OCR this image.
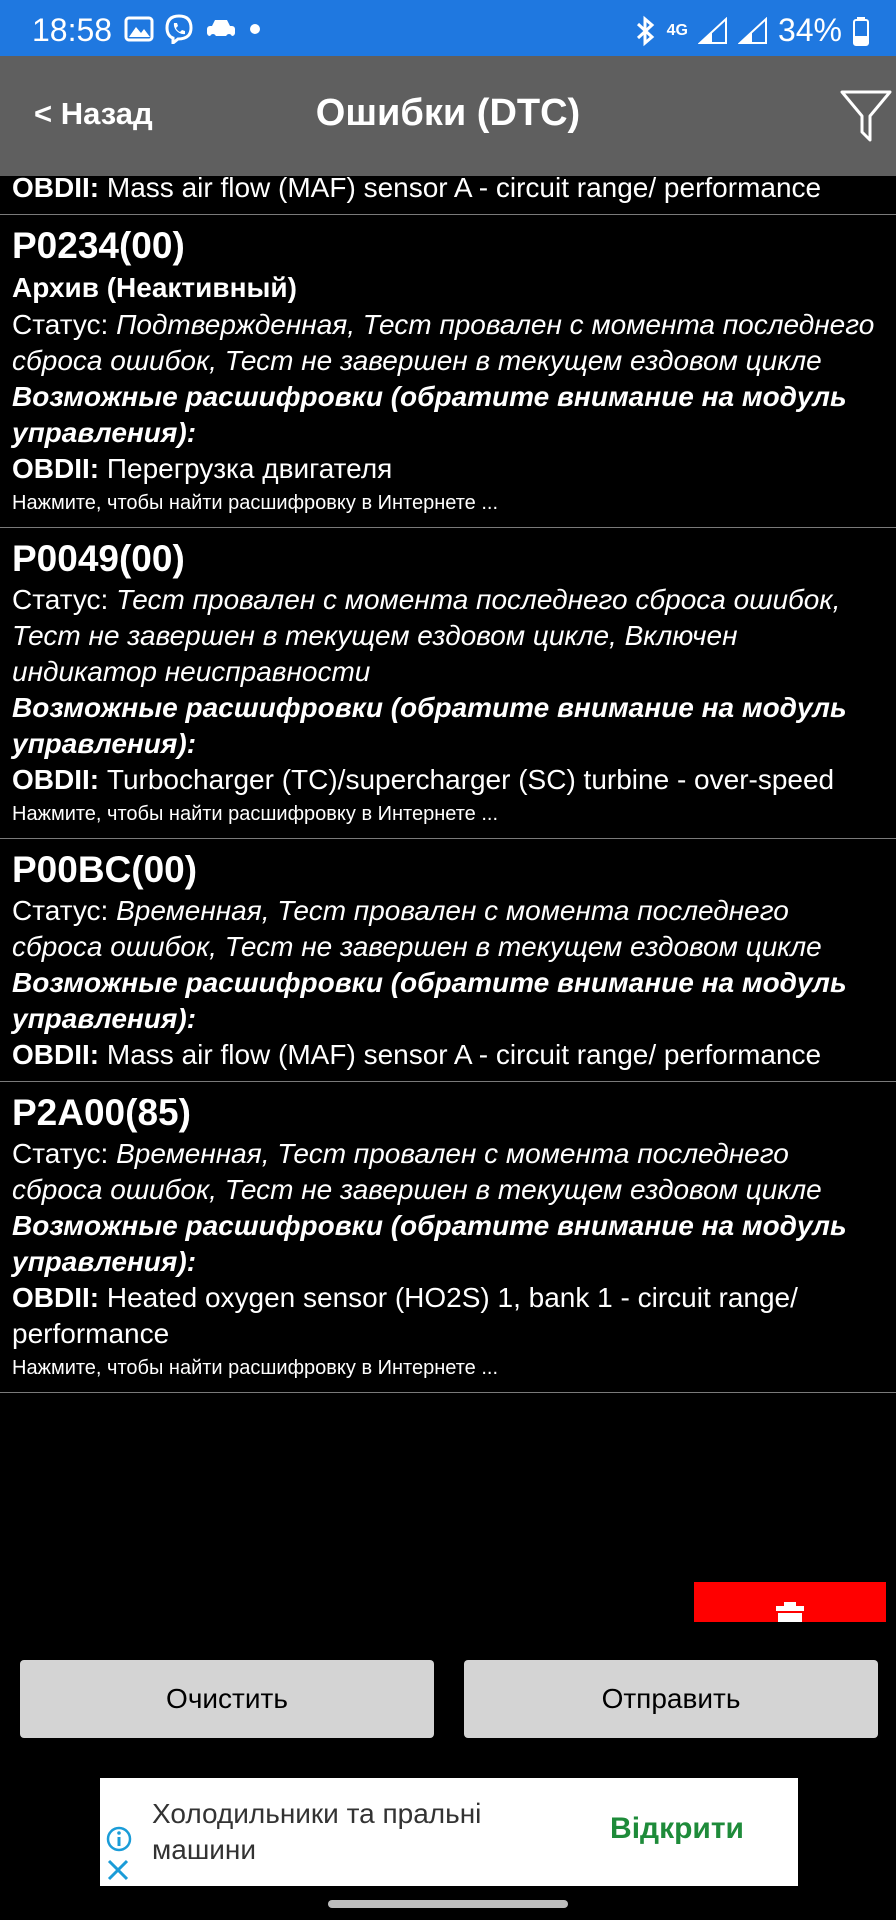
18:58	4G	34%
< Назад	Ошибки (DTC)
OBDII: Mass air flow (MAF) sensor A - circuit range/ performance
P0234(00)
Архив (Неактивный)
Статус: Подтвержденная, Тест провален с момента последнего сброса ошибок, Тест не завершен в текущем ездовом цикле
Возможные расшифровки (обратите внимание на модуль управления):
OBDII: Перегрузка двигателя
Нажмите, чтобы найти расшифровку в Интернете ...
P0049(00)
Статус: Тест провален с момента последнего сброса ошибок, Тест не завершен в текущем ездовом цикле, Включен индикатор неисправности
Возможные расшифровки (обратите внимание на модуль управления):
OBDII: Turbocharger (TC)/supercharger (SC) turbine - over-speed
Нажмите, чтобы найти расшифровку в Интернете ...
P00BC(00)
Статус: Временная, Тест провален с момента последнего сброса ошибок, Тест не завершен в текущем ездовом цикле
Возможные расшифровки (обратите внимание на модуль управления):
OBDII: Mass air flow (MAF) sensor A - circuit range/ performance
P2A00(85)
Статус: Временная, Тест провален с момента последнего сброса ошибок, Тест не завершен в текущем ездовом цикле
Возможные расшифровки (обратите внимание на модуль управления):
OBDII: Heated oxygen sensor (HO2S) 1, bank 1 - circuit range/ performance
Нажмите, чтобы найти расшифровку в Интернете ...
Очистить	Отправить
Холодильники та пральні машини
Відкрити
